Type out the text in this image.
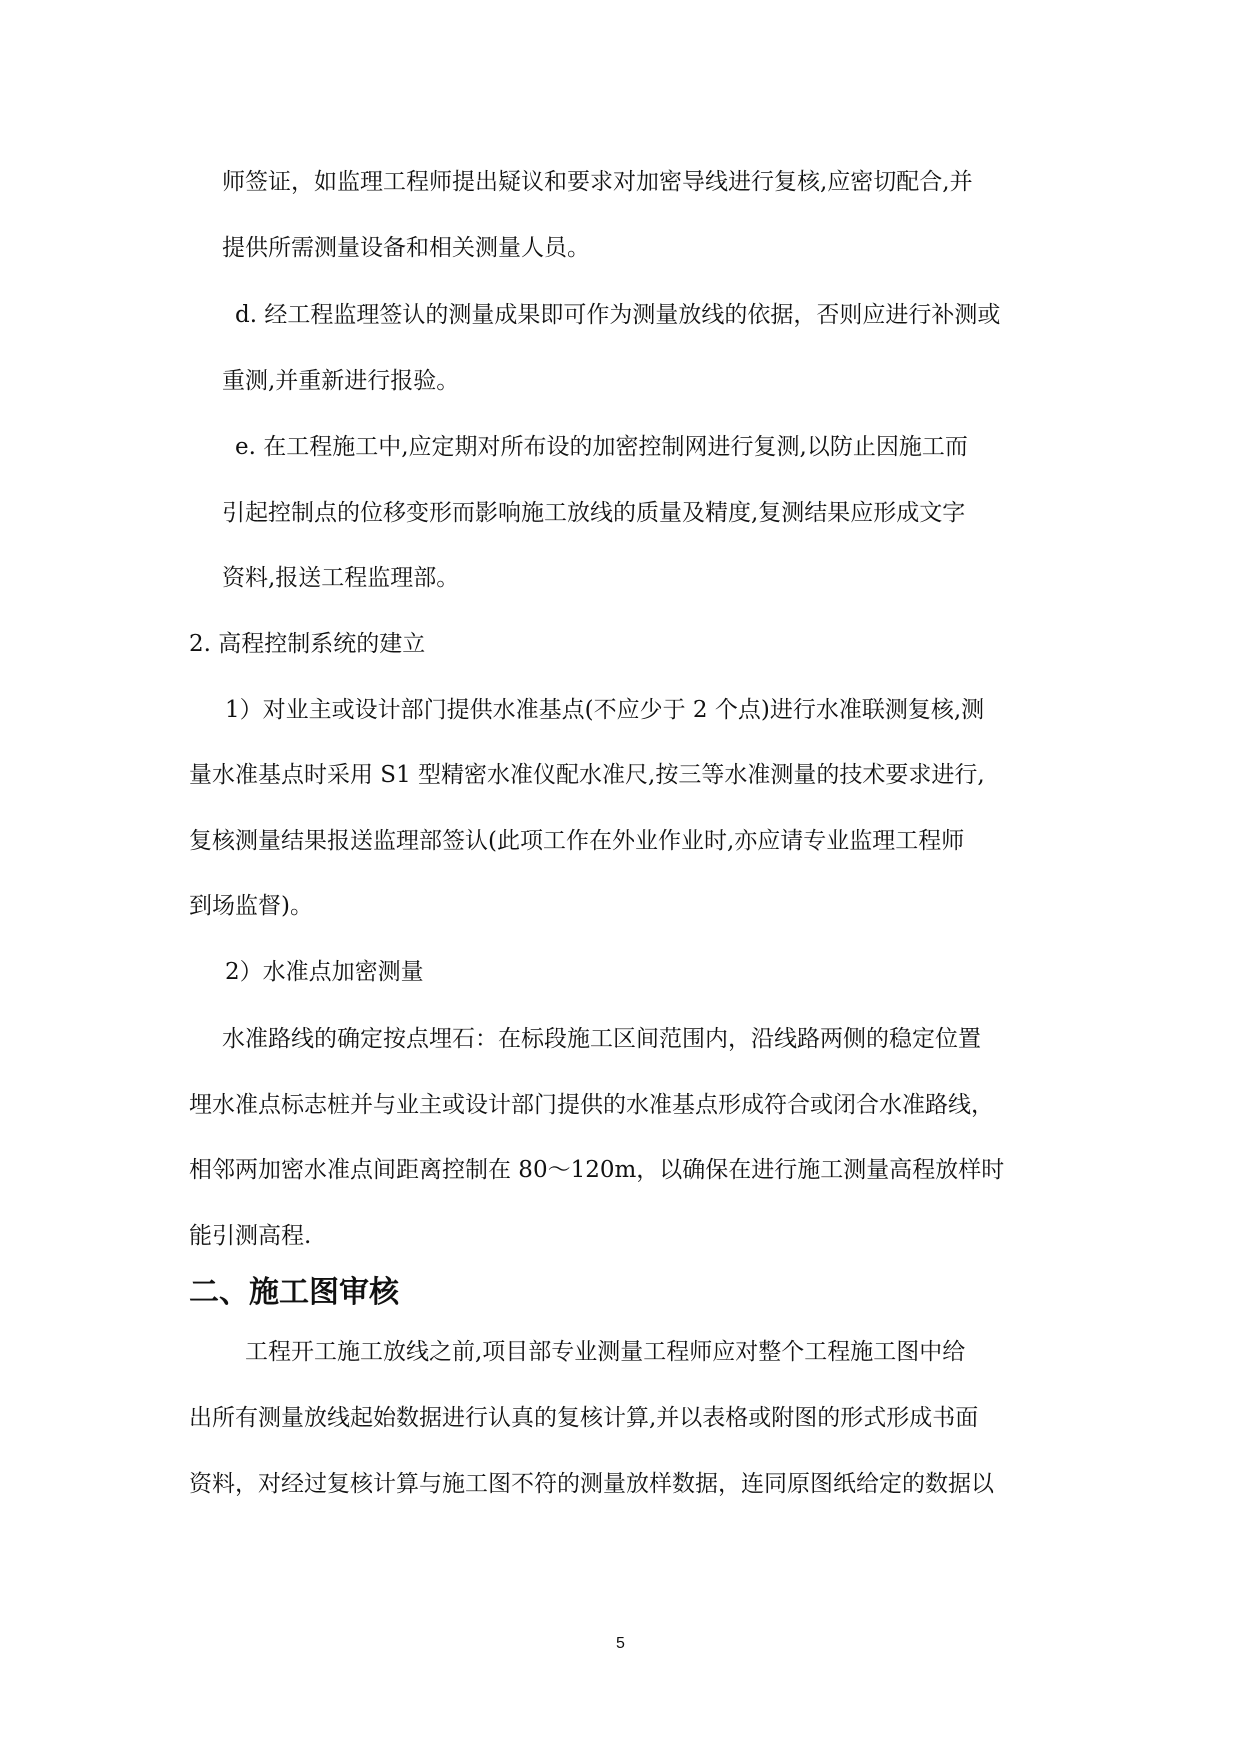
师签证，如监理工程师提出疑议和要求对加密导线进行复核,应密切配合,并
提供所需测量设备和相关测量人员。
d. 经工程监理签认的测量成果即可作为测量放线的依据，否则应进行补测或
重测,并重新进行报验。
e. 在工程施工中,应定期对所布设的加密控制网进行复测,以防止因施工而
引起控制点的位移变形而影响施工放线的质量及精度,复测结果应形成文字
资料,报送工程监理部。
2. 高程控制系统的建立
1）对业主或设计部门提供水准基点(不应少于 2 个点)进行水准联测复核,测
量水准基点时采用 S1 型精密水准仪配水准尺,按三等水准测量的技术要求进行,
复核测量结果报送监理部签认(此项工作在外业作业时,亦应请专业监理工程师
到场监督)。
2）水准点加密测量
水准路线的确定按点埋石：在标段施工区间范围内，沿线路两侧的稳定位置
埋水准点标志桩并与业主或设计部门提供的水准基点形成符合或闭合水准路线，
相邻两加密水准点间距离控制在 80～120m，以确保在进行施工测量高程放样时
能引测高程.
二、施工图审核
工程开工施工放线之前,项目部专业测量工程师应对整个工程施工图中给
出所有测量放线起始数据进行认真的复核计算,并以表格或附图的形式形成书面
资料，对经过复核计算与施工图不符的测量放样数据，连同原图纸给定的数据以
5
